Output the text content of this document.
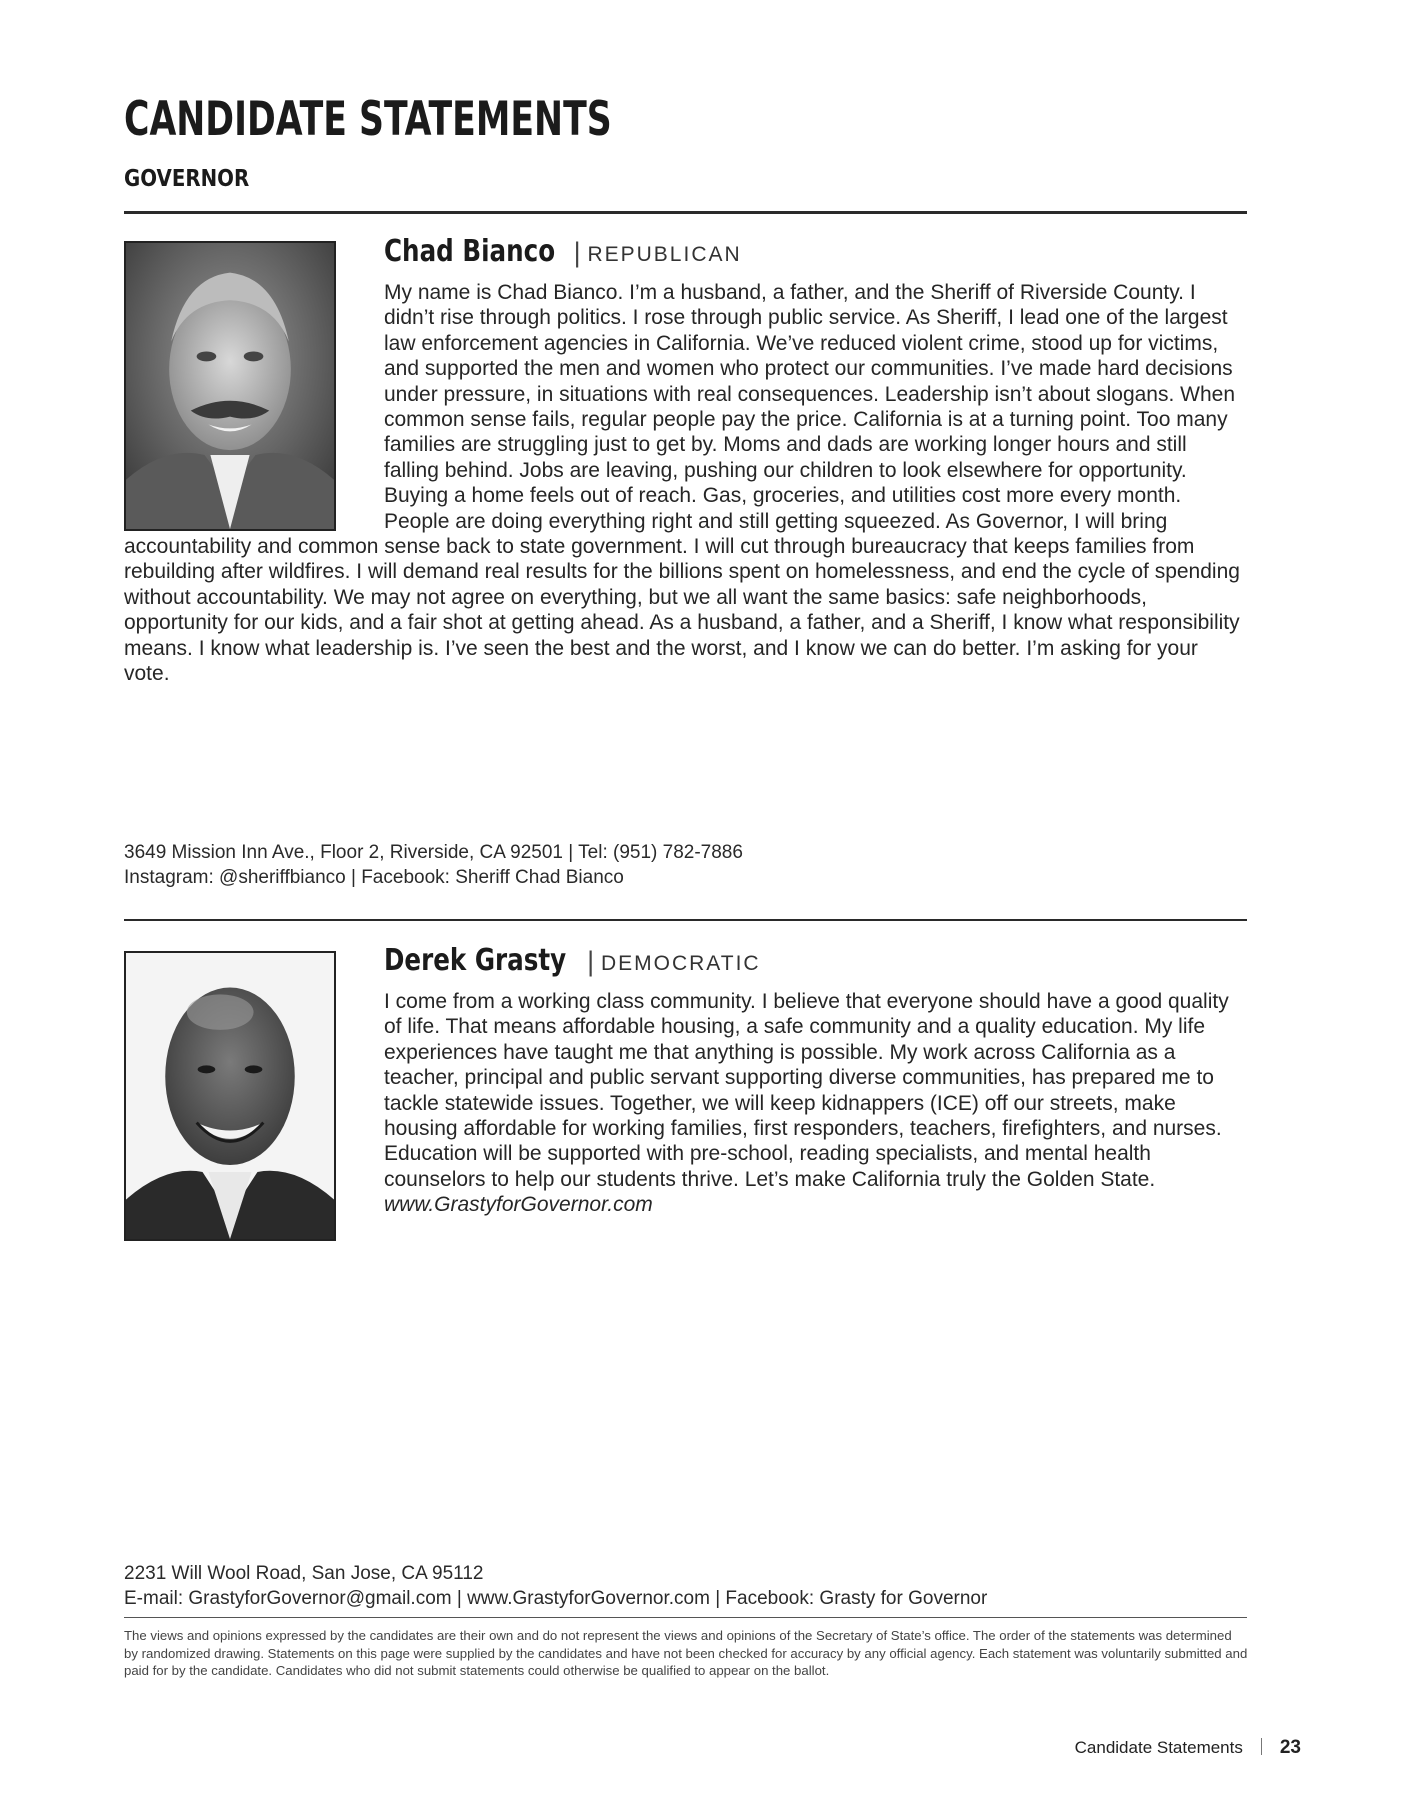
CANDIDATE STATEMENTS
GOVERNOR
Chad Bianco | REPUBLICAN

My name is Chad Bianco. I’m a husband, a father, and the Sheriff of Riverside County. I didn’t rise through politics. I rose through public service. As Sheriff, I lead one of the largest law enforcement agencies in California. We’ve reduced violent crime, stood up for victims, and supported the men and women who protect our communities. I’ve made hard decisions under pressure, in situations with real consequences. Leadership isn’t about slogans. When common sense fails, regular people pay the price. California is at a turning point. Too many families are struggling just to get by. Moms and dads are working longer hours and still falling behind. Jobs are leaving, pushing our children to look elsewhere for opportunity. Buying a home feels out of reach. Gas, groceries, and utilities cost more every month. People are doing everything right and still getting squeezed. As Governor, I will bring accountability and common sense back to state government. I will cut through bureaucracy that keeps families from rebuilding after wildfires. I will demand real results for the billions spent on homelessness, and end the cycle of spending without accountability. We may not agree on everything, but we all want the same basics: safe neighborhoods, opportunity for our kids, and a fair shot at getting ahead. As a husband, a father, and a Sheriff, I know what responsibility means. I know what leadership is. I’ve seen the best and the worst, and I know we can do better. I’m asking for your vote.

3649 Mission Inn Ave., Floor 2, Riverside, CA 92501 | Tel: (951) 782-7886
Instagram: @sheriffbianco | Facebook: Sheriff Chad Bianco
Derek Grasty | DEMOCRATIC

I come from a working class community. I believe that everyone should have a good quality of life. That means affordable housing, a safe community and a quality education. My life experiences have taught me that anything is possible. My work across California as a teacher, principal and public servant supporting diverse communities, has prepared me to tackle statewide issues. Together, we will keep kidnappers (ICE) off our streets, make housing affordable for working families, first responders, teachers, firefighters, and nurses. Education will be supported with pre-school, reading specialists, and mental health counselors to help our students thrive. Let’s make California truly the Golden State. www.GrastyforGovernor.com

2231 Will Wool Road, San Jose, CA 95112
E-mail: GrastyforGovernor@gmail.com | www.GrastyforGovernor.com | Facebook: Grasty for Governor

The views and opinions expressed by the candidates are their own and do not represent the views and opinions of the Secretary of State’s office. The order of the statements was determined by randomized drawing. Statements on this page were supplied by the candidates and have not been checked for accuracy by any official agency. Each statement was voluntarily submitted and paid for by the candidate. Candidates who did not submit statements could otherwise be qualified to appear on the ballot.

Candidate Statements 23
